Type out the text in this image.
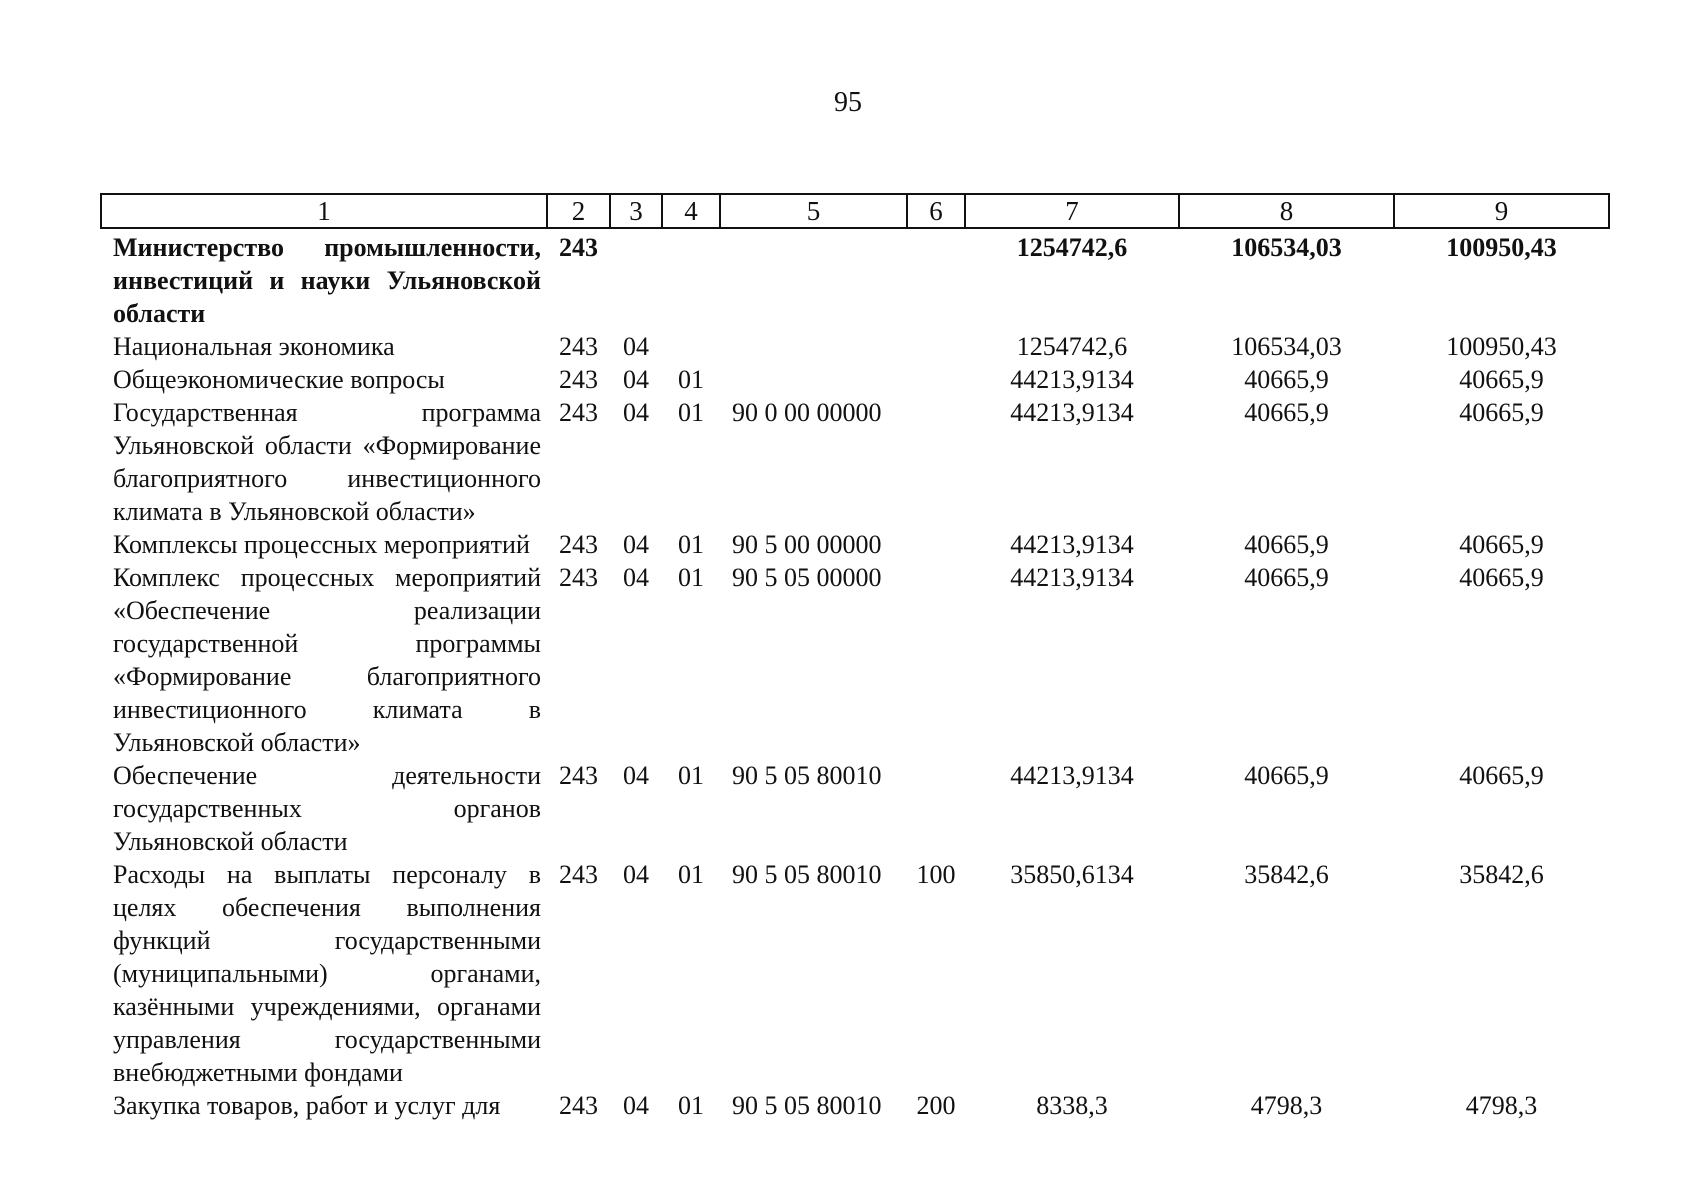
95
1	2	3	4	5	6	7	8	9

Министерство промышленности, инвестиций и науки Ульяновской области	243					1254742,6	106534,03	100950,43
Национальная экономика	243	04				1254742,6	106534,03	100950,43
Общеэкономические вопросы	243	04	01			44213,9134	40665,9	40665,9
Государственная программа Ульяновской области «Формирование благоприятного инвестиционного климата в Ульяновской области»	243	04	01	90 0 00 00000		44213,9134	40665,9	40665,9
Комплексы процессных мероприятий	243	04	01	90 5 00 00000		44213,9134	40665,9	40665,9
Комплекс процессных мероприятий «Обеспечение реализации государственной программы «Формирование благоприятного инвестиционного климата в Ульяновской области»	243	04	01	90 5 05 00000		44213,9134	40665,9	40665,9
Обеспечение деятельности государственных органов Ульяновской области	243	04	01	90 5 05 80010		44213,9134	40665,9	40665,9
Расходы на выплаты персоналу в целях обеспечения выполнения функций государственными (муниципальными) органами, казёнными учреждениями, органами управления государственными внебюджетными фондами	243	04	01	90 5 05 80010	100	35850,6134	35842,6	35842,6
Закупка товаров, работ и услуг для	243	04	01	90 5 05 80010	200	8338,3	4798,3	4798,3
